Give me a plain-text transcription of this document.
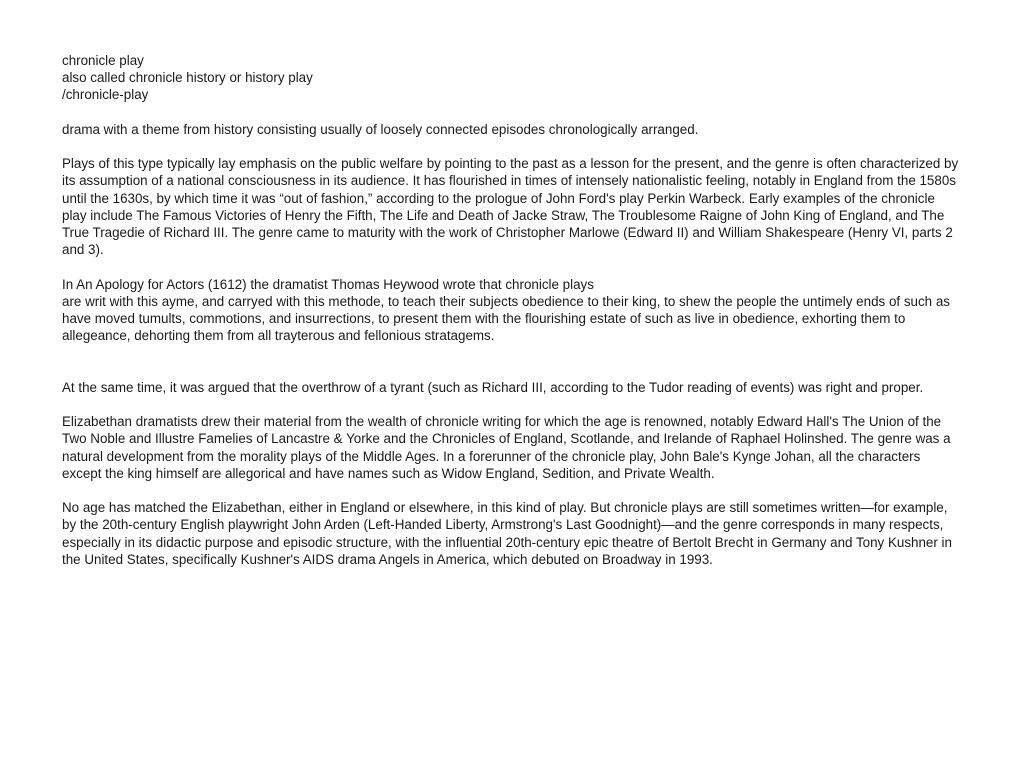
chronicle play
also called chronicle history or history play
/chronicle-play

drama with a theme from history consisting usually of loosely connected episodes chronologically arranged.

Plays of this type typically lay emphasis on the public welfare by pointing to the past as a lesson for the present, and the genre is often characterized by its assumption of a national consciousness in its audience. It has flourished in times of intensely nationalistic feeling, notably in England from the 1580s until the 1630s, by which time it was “out of fashion,” according to the prologue of John Ford's play Perkin Warbeck. Early examples of the chronicle play include The Famous Victories of Henry the Fifth, The Life and Death of Jacke Straw, The Troublesome Raigne of John King of England, and The True Tragedie of Richard III. The genre came to maturity with the work of Christopher Marlowe (Edward II) and William Shakespeare (Henry VI, parts 2 and 3).

In An Apology for Actors (1612) the dramatist Thomas Heywood wrote that chronicle plays

are writ with this ayme, and carryed with this methode, to teach their subjects obedience to their king, to shew the people the untimely ends of such as have moved tumults, commotions, and insurrections, to present them with the flourishing estate of such as live in obedience, exhorting them to allegeance, dehorting them from all trayterous and fellonious stratagems.

At the same time, it was argued that the overthrow of a tyrant (such as Richard III, according to the Tudor reading of events) was right and proper.

Elizabethan dramatists drew their material from the wealth of chronicle writing for which the age is renowned, notably Edward Hall's The Union of the Two Noble and Illustre Famelies of Lancastre & Yorke and the Chronicles of England, Scotlande, and Irelande of Raphael Holinshed. The genre was a natural development from the morality plays of the Middle Ages. In a forerunner of the chronicle play, John Bale's Kynge Johan, all the characters except the king himself are allegorical and have names such as Widow England, Sedition, and Private Wealth.

No age has matched the Elizabethan, either in England or elsewhere, in this kind of play. But chronicle plays are still sometimes written—for example, by the 20th-century English playwright John Arden (Left-Handed Liberty, Armstrong's Last Goodnight)—and the genre corresponds in many respects, especially in its didactic purpose and episodic structure, with the influential 20th-century epic theatre of Bertolt Brecht in Germany and Tony Kushner in the United States, specifically Kushner's AIDS drama Angels in America, which debuted on Broadway in 1993.
